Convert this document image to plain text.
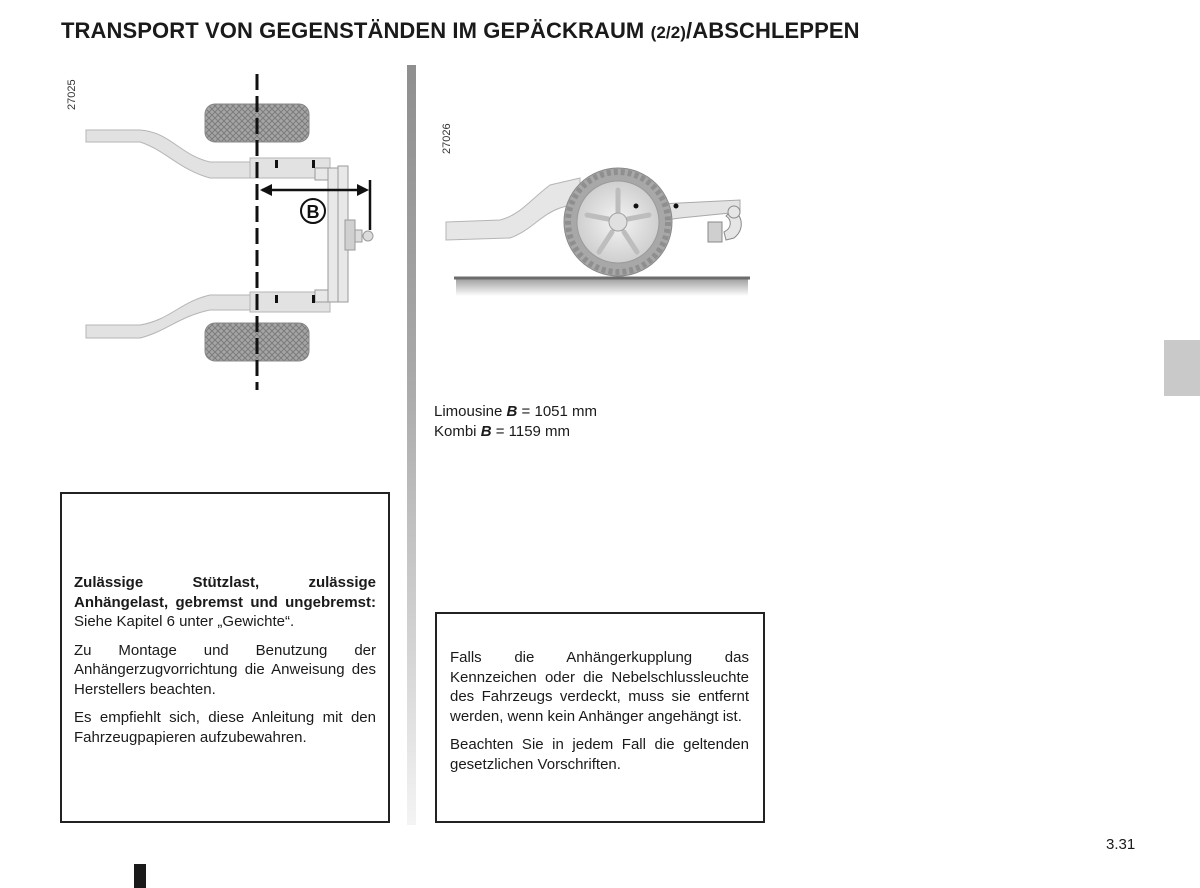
TRANSPORT VON GEGENSTÄNDEN IM GEPÄCKRAUM (2/2)/ABSCHLEPPEN
27025
27026
B
Limousine B = 1051 mm
Kombi B = 1159 mm

Zulässige Stützlast, zulässige Anhängelast, gebremst und ungebremst: Siehe Kapitel 6 unter „Gewichte“.

Zu Montage und Benutzung der Anhängerzugvorrichtung die Anweisung des Herstellers beachten.

Es empfiehlt sich, diese Anleitung mit den Fahrzeugpapieren aufzubewahren.

Falls die Anhängerkupplung das Kennzeichen oder die Nebelschlussleuchte des Fahrzeugs verdeckt, muss sie entfernt werden, wenn kein Anhänger angehängt ist.

Beachten Sie in jedem Fall die geltenden gesetzlichen Vorschriften.

3.31
